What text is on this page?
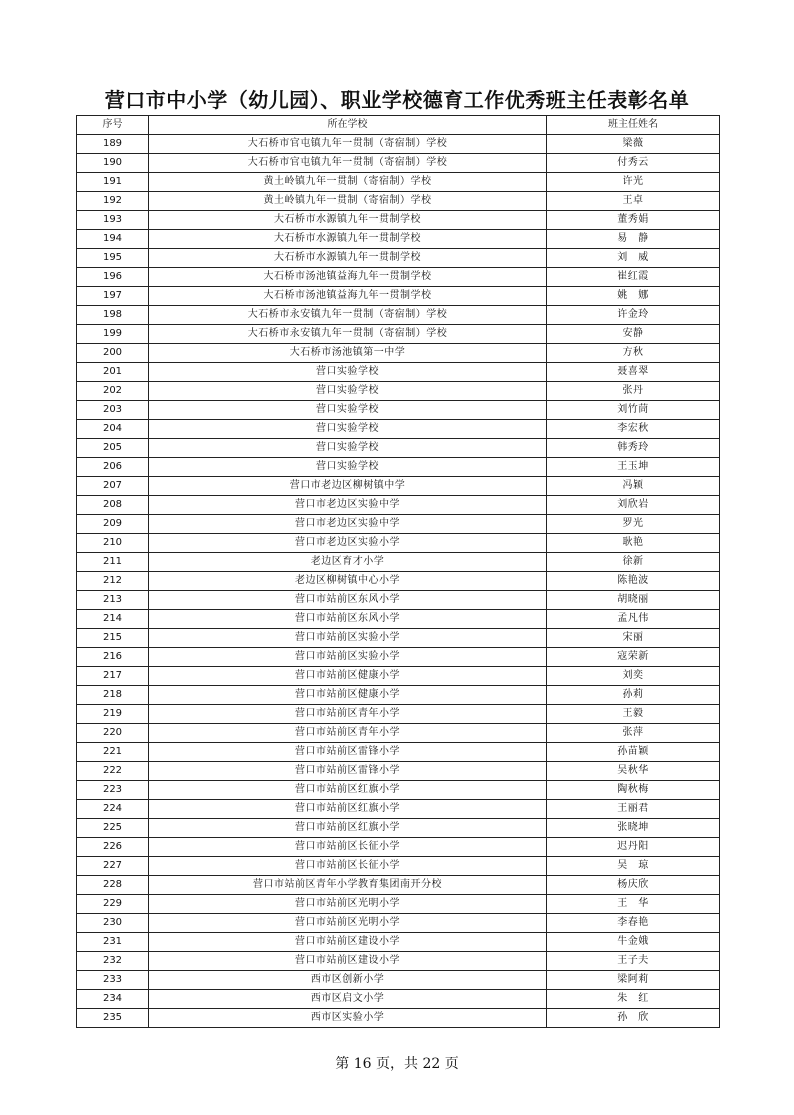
营口市中小学（幼儿园）、职业学校德育工作优秀班主任表彰名单
序号	所在学校	班主任姓名
189	大石桥市官屯镇九年一贯制（寄宿制）学校	梁薇
190	大石桥市官屯镇九年一贯制（寄宿制）学校	付秀云
191	黄土岭镇九年一贯制（寄宿制）学校	许光
192	黄土岭镇九年一贯制（寄宿制）学校	王卓
193	大石桥市水源镇九年一贯制学校	董秀娟
194	大石桥市水源镇九年一贯制学校	易　静
195	大石桥市水源镇九年一贯制学校	刘　威
196	大石桥市汤池镇益海九年一贯制学校	崔红霞
197	大石桥市汤池镇益海九年一贯制学校	姚　娜
198	大石桥市永安镇九年一贯制（寄宿制）学校	许金玲
199	大石桥市永安镇九年一贯制（寄宿制）学校	安静
200	大石桥市汤池镇第一中学	方秋
201	营口实验学校	聂喜翠
202	营口实验学校	张丹
203	营口实验学校	刘竹茼
204	营口实验学校	李宏秋
205	营口实验学校	韩秀玲
206	营口实验学校	王玉坤
207	营口市老边区柳树镇中学	冯颖
208	营口市老边区实验中学	刘欣岩
209	营口市老边区实验中学	罗光
210	营口市老边区实验小学	耿艳
211	老边区育才小学	徐新
212	老边区柳树镇中心小学	陈艳波
213	营口市站前区东风小学	胡晓丽
214	营口市站前区东风小学	孟凡伟
215	营口市站前区实验小学	宋丽
216	营口市站前区实验小学	寇荣新
217	营口市站前区健康小学	刘奕
218	营口市站前区健康小学	孙莉
219	营口市站前区青年小学	王毅
220	营口市站前区青年小学	张萍
221	营口市站前区雷锋小学	孙苗颖
222	营口市站前区雷锋小学	吴秋华
223	营口市站前区红旗小学	陶秋梅
224	营口市站前区红旗小学	王丽君
225	营口市站前区红旗小学	张晓坤
226	营口市站前区长征小学	迟丹阳
227	营口市站前区长征小学	吴　琼
228	营口市站前区青年小学教育集团南开分校	杨庆欣
229	营口市站前区光明小学	王　华
230	营口市站前区光明小学	李春艳
231	营口市站前区建设小学	牛金娥
232	营口市站前区建设小学	王子夫
233	西市区创新小学	梁阿莉
234	西市区启文小学	朱　红
235	西市区实验小学	孙　欣
第 16 页，共 22 页
